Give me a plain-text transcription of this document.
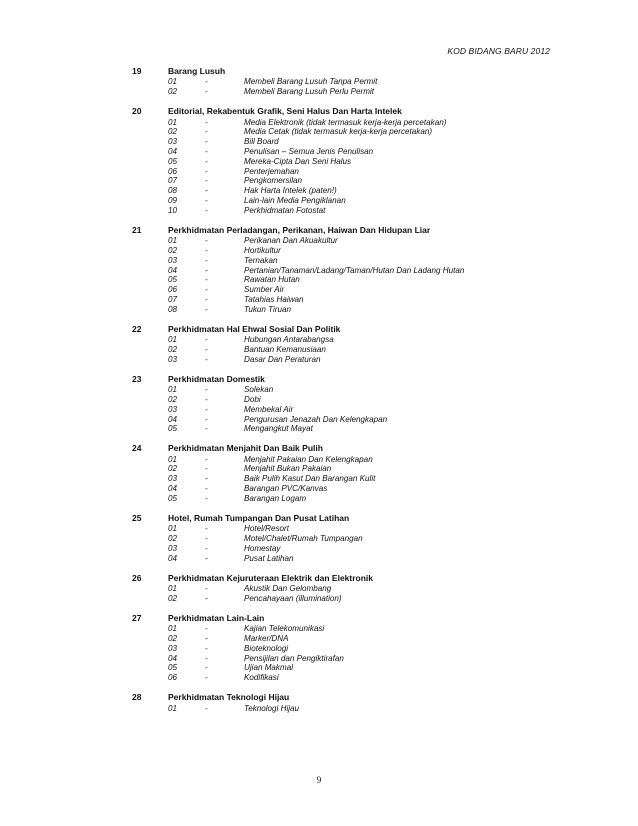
KOD BIDANG BARU 2012
19	Barang Lusuh
01	-	Membeli Barang Lusuh Tanpa Permit
02	-	Membeli Barang Lusuh Perlu Permit
20	Editorial, Rekabentuk Grafik, Seni Halus Dan Harta Intelek
01	-	Media Elektronik (tidak termasuk kerja-kerja percetakan)
02	-	Media Cetak (tidak termasuk kerja-kerja percetakan)
03	-	Bill Board
04	-	Penulisan – Semua Jenis Penulisan
05	-	Mereka-Cipta Dan Seni Halus
06	-	Penterjemahan
07	-	Pengkomersilan
08	-	Hak Harta Intelek (paten!)
09	-	Lain-lain Media Pengiklanan
10	-	Perkhidmatan Fotostat
21	Perkhidmatan Perladangan, Perikanan, Haiwan Dan Hidupan Liar
01	-	Perikanan Dan Akuakultur
02	-	Hortikultur
03	-	Ternakan
04	-	Pertanian/Tanaman/Ladang/Taman/Hutan Dan Ladang Hutan
05	-	Rawatan Hutan
06	-	Sumber Air
07	-	Tatahias Haiwan
08	-	Tukun Tiruan
22	Perkhidmatan Hal Ehwal Sosial Dan Politik
01	-	Hubungan Antarabangsa
02	-	Bantuan Kemanusiaan
03	-	Dasar Dan Peraturan
23	Perkhidmatan Domestik
01	-	Solekan
02	-	Dobi
03	-	Membekal Air
04	-	Pengurusan Jenazah Dan Kelengkapan
05	-	Mengangkut Mayat
24	Perkhidmatan Menjahit Dan Baik Pulih
01	-	Menjahit Pakaian Dan Kelengkapan
02	-	Menjahit Bukan Pakaian
03	-	Baik Pulih Kasut Dan Barangan Kulit
04	-	Barangan PVC/Kanvas
05	-	Barangan Logam
25	Hotel, Rumah Tumpangan Dan Pusat Latihan
01	-	Hotel/Resort
02	-	Motel/Chalet/Rumah Tumpangan
03	-	Homestay
04	-	Pusat Latihan
26	Perkhidmatan Kejuruteraan Elektrik dan Elektronik
01	-	Akustik Dan Gelombang
02	-	Pencahayaan (illumination)
27	Perkhidmatan Lain-Lain
01	-	Kajian Telekomunikasi
02	-	Marker/DNA
03	-	Bioteknologi
04	-	Pensijilan dan Pengiktirafan
05	-	Ujian Makmal
06	-	Kodifikasi
28	Perkhidmatan Teknologi Hijau
01	-	Teknologi Hijau
9
